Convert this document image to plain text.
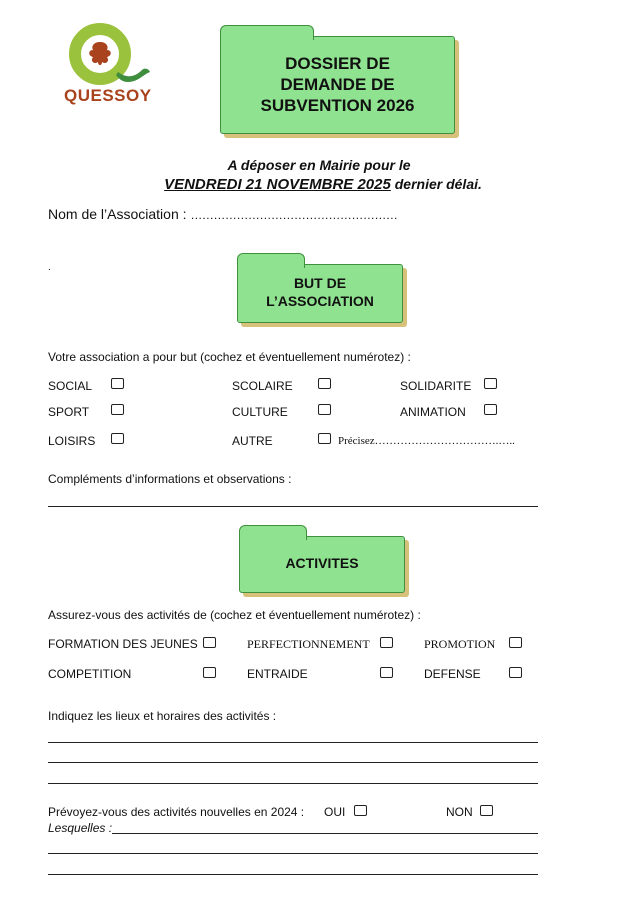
QUESSOY
DOSSIER DE
DEMANDE DE
SUBVENTION 2026
A déposer en Mairie pour le
VENDREDI 21 NOVEMBRE 2025 dernier délai.
Nom de l’Association : ………………………………………………
.
BUT DE
L’ASSOCIATION
Votre association a pour but (cochez et éventuellement numérotez) :
SOCIAL	SCOLAIRE	SOLIDARITE
SPORT	CULTURE	ANIMATION
LOISIRS	AUTRE	Précisez…………………………….…..
Compléments d’informations et observations :
ACTIVITES
Assurez-vous des activités de (cochez et éventuellement numérotez) :
FORMATION DES JEUNES	PERFECTIONNEMENT	PROMOTION
COMPETITION	ENTRAIDE	DEFENSE
Indiquez les lieux et horaires des activités :
Prévoyez-vous des activités nouvelles en 2024 : OUI	NON
Lesquelles :
